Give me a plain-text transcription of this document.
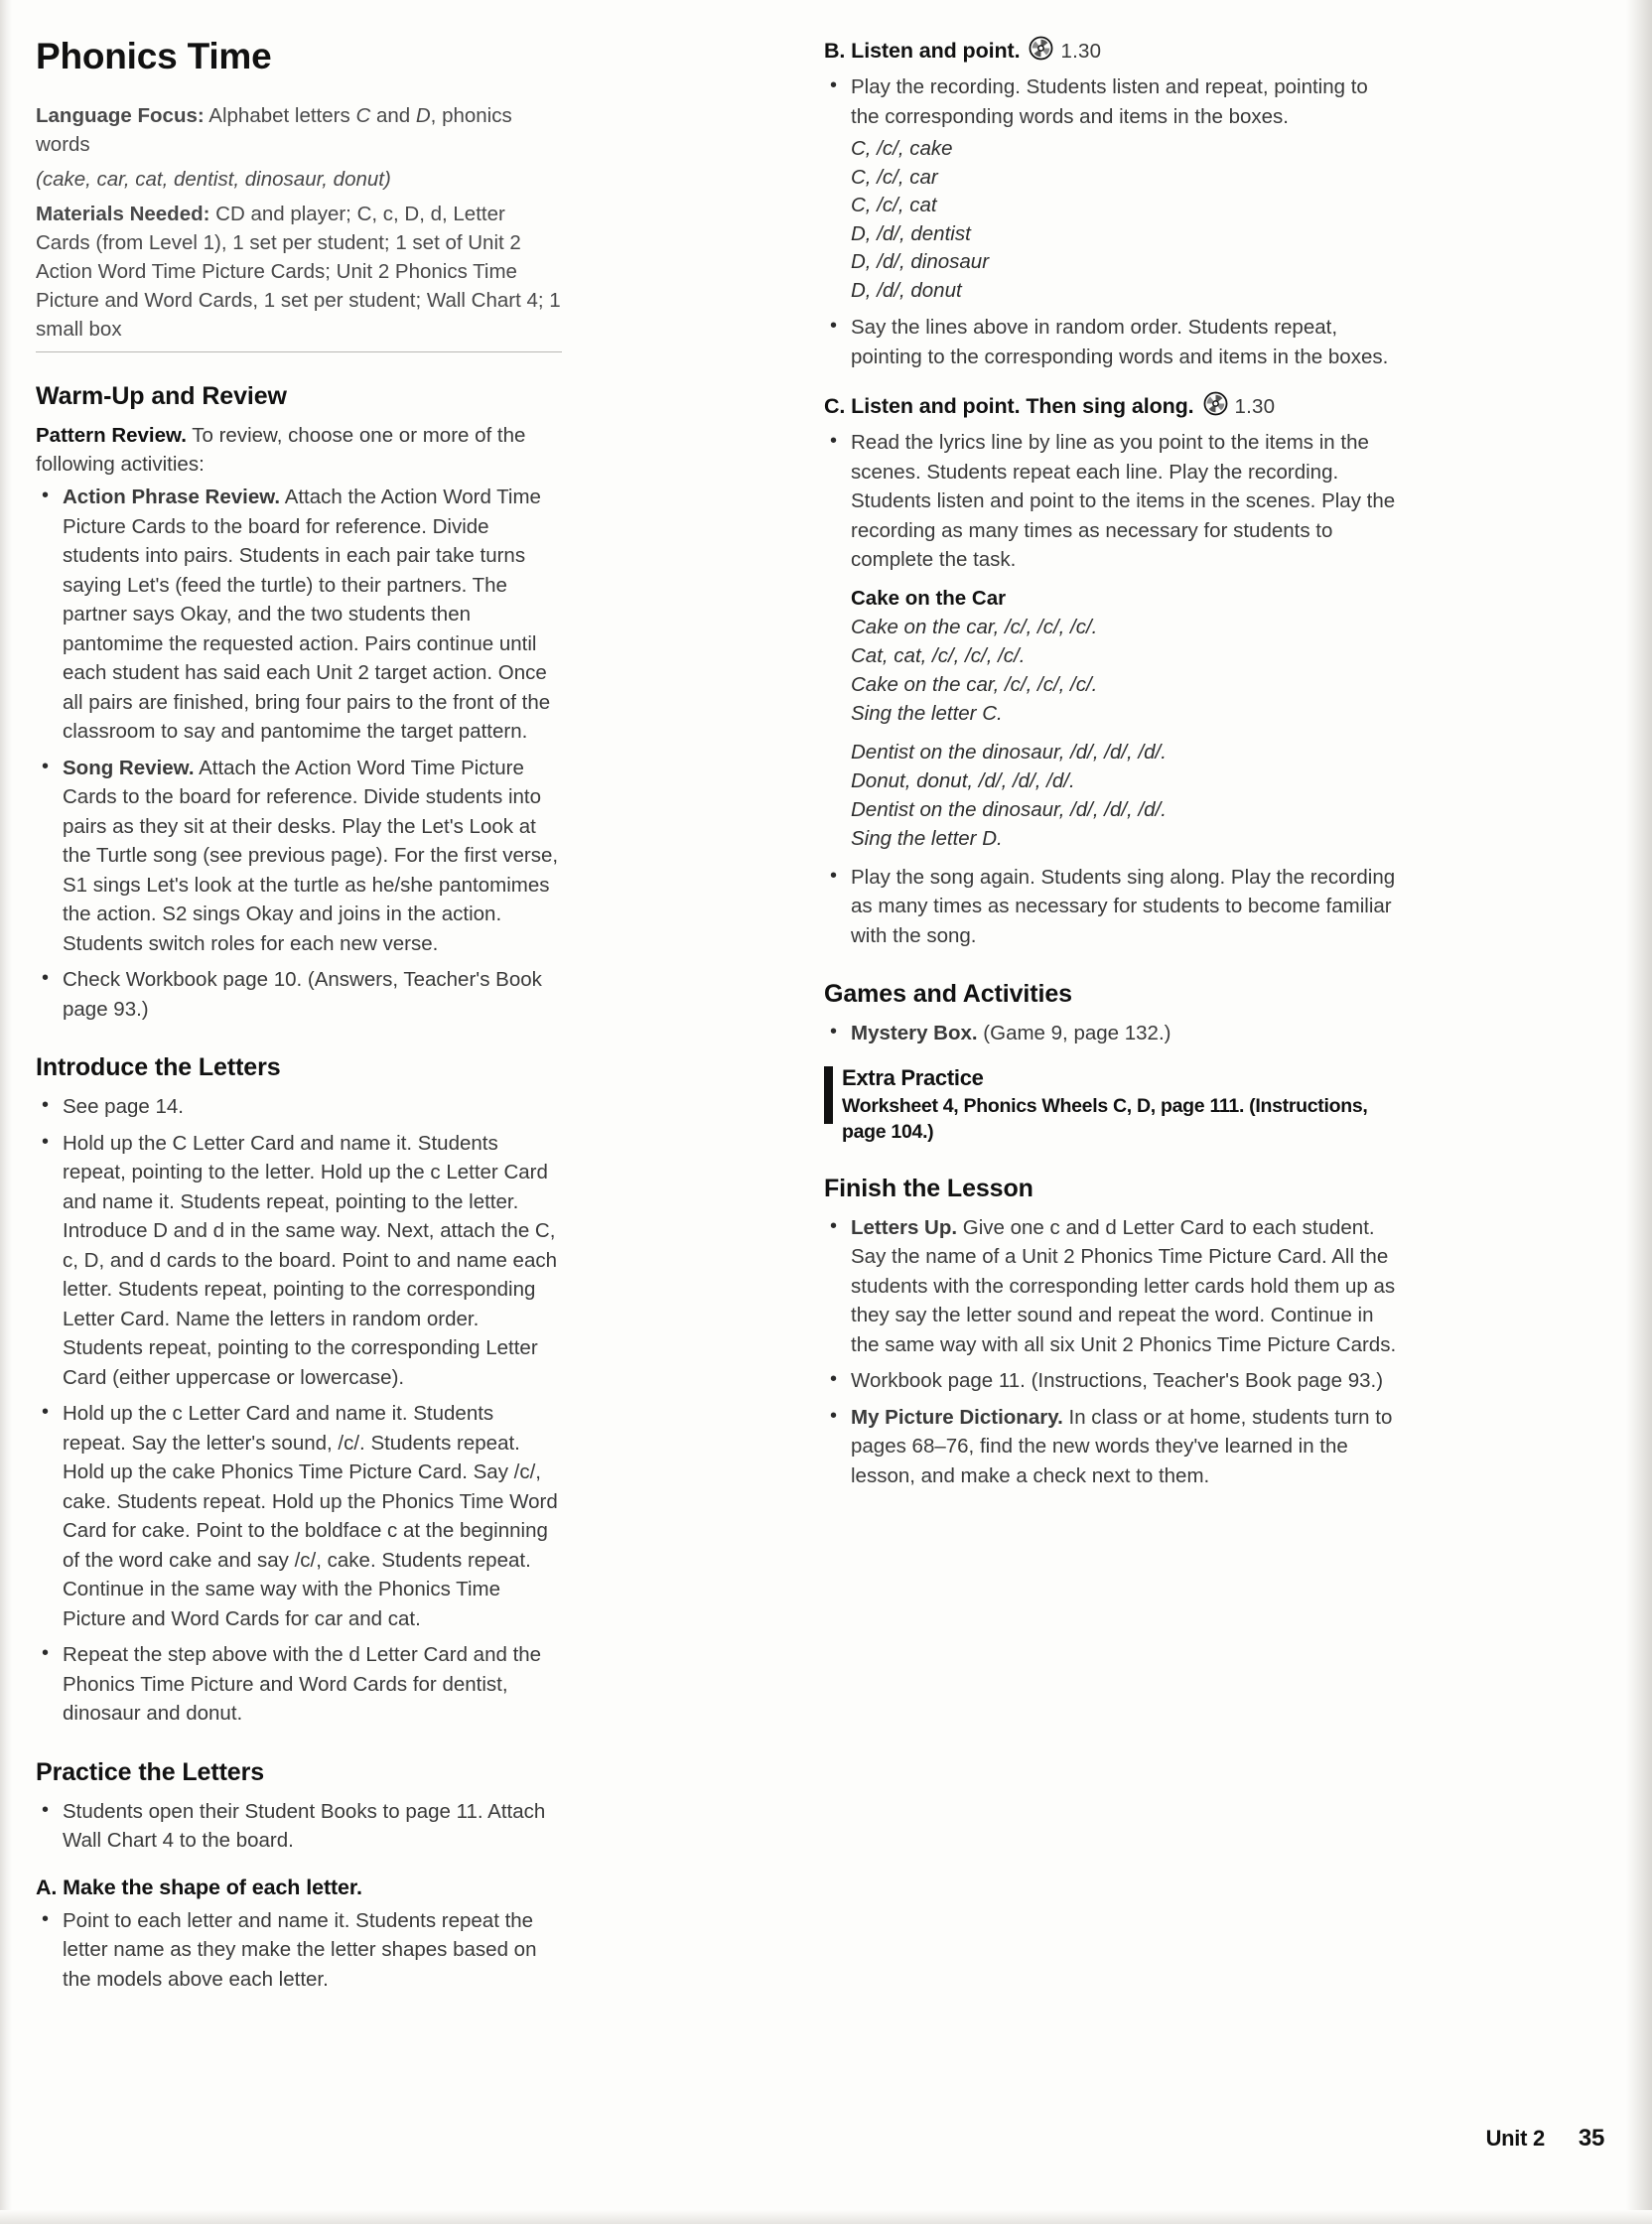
Phonics Time
Language Focus: Alphabet letters C and D, phonics words
(cake, car, cat, dentist, dinosaur, donut)
Materials Needed: CD and player; C, c, D, d, Letter Cards (from Level 1), 1 set per student; 1 set of Unit 2 Action Word Time Picture Cards; Unit 2 Phonics Time Picture and Word Cards, 1 set per student; Wall Chart 4; 1 small box
Warm-Up and Review

Pattern Review. To review, choose one or more of the following activities:

• Action Phrase Review. Attach the Action Word Time Picture Cards to the board for reference. Divide students into pairs. Students in each pair take turns saying Let's (feed the turtle) to their partners. The partner says Okay, and the two students then pantomime the requested action. Pairs continue until each student has said each Unit 2 target action. Once all pairs are finished, bring four pairs to the front of the classroom to say and pantomime the target pattern.
• Song Review. Attach the Action Word Time Picture Cards to the board for reference. Divide students into pairs as they sit at their desks. Play the Let's Look at the Turtle song (see previous page). For the first verse, S1 sings Let's look at the turtle as he/she pantomimes the action. S2 sings Okay and joins in the action. Students switch roles for each new verse.
• Check Workbook page 10. (Answers, Teacher's Book page 93.)
Introduce the Letters
• See page 14.
• Hold up the C Letter Card and name it. Students repeat, pointing to the letter. Hold up the c Letter Card and name it. Students repeat, pointing to the letter. Introduce D and d in the same way. Next, attach the C, c, D, and d cards to the board. Point to and name each letter. Students repeat, pointing to the corresponding Letter Card. Name the letters in random order. Students repeat, pointing to the corresponding Letter Card (either uppercase or lowercase).
• Hold up the c Letter Card and name it. Students repeat. Say the letter's sound, /c/. Students repeat. Hold up the cake Phonics Time Picture Card. Say /c/, cake. Students repeat. Hold up the Phonics Time Word Card for cake. Point to the boldface c at the beginning of the word cake and say /c/, cake. Students repeat. Continue in the same way with the Phonics Time Picture and Word Cards for car and cat.
• Repeat the step above with the d Letter Card and the Phonics Time Picture and Word Cards for dentist, dinosaur and donut.
Practice the Letters
• Students open their Student Books to page 11. Attach Wall Chart 4 to the board.
A. Make the shape of each letter.
• Point to each letter and name it. Students repeat the letter name as they make the letter shapes based on the models above each letter.
B. Listen and point. 1.30
• Play the recording. Students listen and repeat, pointing to the corresponding words and items in the boxes.
C, /c/, cake
C, /c/, car
C, /c/, cat
D, /d/, dentist
D, /d/, dinosaur
D, /d/, donut
• Say the lines above in random order. Students repeat, pointing to the corresponding words and items in the boxes.
C. Listen and point. Then sing along. 1.30
• Read the lyrics line by line as you point to the items in the scenes. Students repeat each line. Play the recording. Students listen and point to the items in the scenes. Play the recording as many times as necessary for students to complete the task.
Cake on the Car
Cake on the car, /c/, /c/, /c/.
Cat, cat, /c/, /c/, /c/.
Cake on the car, /c/, /c/, /c/.
Sing the letter C.
Dentist on the dinosaur, /d/, /d/, /d/.
Donut, donut, /d/, /d/, /d/.
Dentist on the dinosaur, /d/, /d/, /d/.
Sing the letter D.
• Play the song again. Students sing along. Play the recording as many times as necessary for students to become familiar with the song.
Games and Activities
• Mystery Box. (Game 9, page 132.)
Extra Practice
Worksheet 4, Phonics Wheels C, D, page 111. (Instructions, page 104.)
Finish the Lesson
• Letters Up. Give one c and d Letter Card to each student. Say the name of a Unit 2 Phonics Time Picture Card. All the students with the corresponding letter cards hold them up as they say the letter sound and repeat the word. Continue in the same way with all six Unit 2 Phonics Time Picture Cards.
• Workbook page 11. (Instructions, Teacher's Book page 93.)
• My Picture Dictionary. In class or at home, students turn to pages 68–76, find the new words they've learned in the lesson, and make a check next to them.
Unit 2 35
